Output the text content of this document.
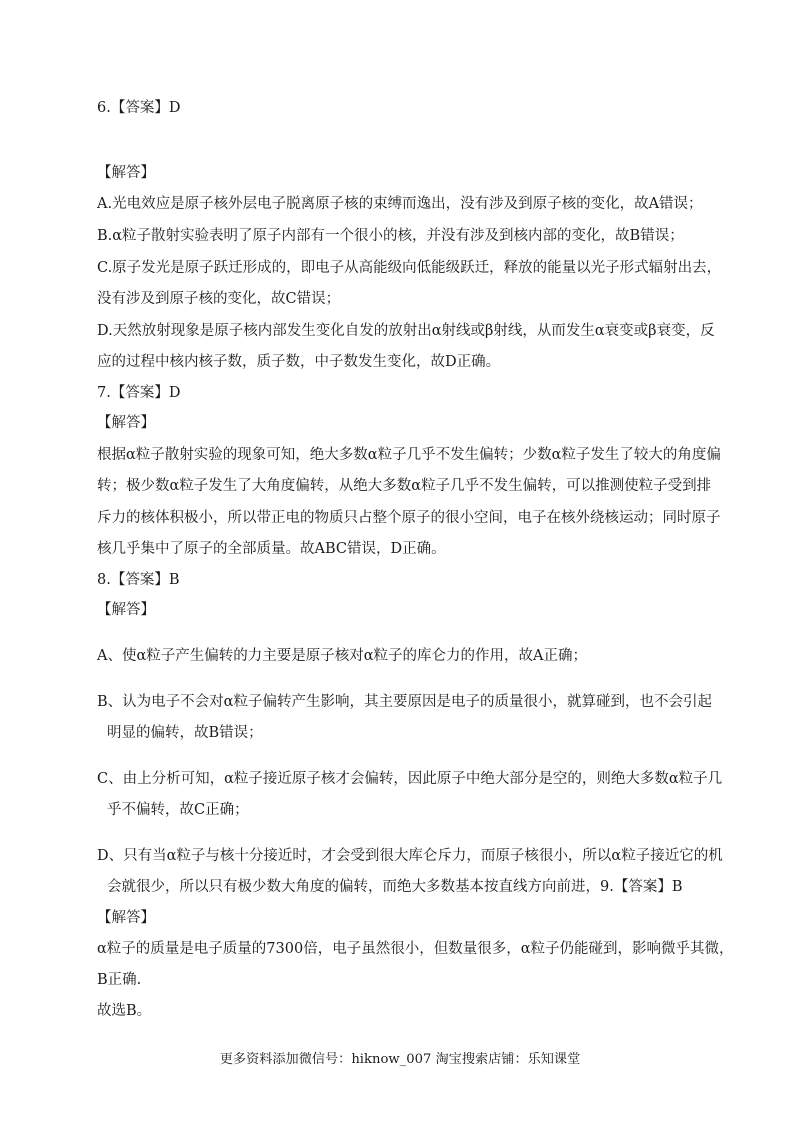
6.【答案】D
【解答】
A.光电效应是原子核外层电子脱离原子核的束缚而逸出，没有涉及到原子核的变化，故A错误；
B.α粒子散射实验表明了原子内部有一个很小的核，并没有涉及到核内部的变化，故B错误；
C.原子发光是原子跃迁形成的，即电子从高能级向低能级跃迁，释放的能量以光子形式辐射出去，
没有涉及到原子核的变化，故C错误；
D.天然放射现象是原子核内部发生变化自发的放射出α射线或β射线，从而发生α衰变或β衰变，反
应的过程中核内核子数，质子数，中子数发生变化，故D正确。
7.【答案】D
【解答】
根据α粒子散射实验的现象可知，绝大多数α粒子几乎不发生偏转；少数α粒子发生了较大的角度偏
转；极少数α粒子发生了大角度偏转，从绝大多数α粒子几乎不发生偏转，可以推测使粒子受到排
斥力的核体积极小，所以带正电的物质只占整个原子的很小空间，电子在核外绕核运动；同时原子
核几乎集中了原子的全部质量。故ABC错误，D正确。
8.【答案】B
【解答】
A、使α粒子产生偏转的力主要是原子核对α粒子的库仑力的作用，故A正确；
B、认为电子不会对α粒子偏转产生影响，其主要原因是电子的质量很小，就算碰到，也不会引起
明显的偏转，故B错误；
C、由上分析可知，α粒子接近原子核才会偏转，因此原子中绝大部分是空的，则绝大多数α粒子几
乎不偏转，故C正确；
D、只有当α粒子与核十分接近时，才会受到很大库仑斥力，而原子核很小，所以α粒子接近它的机
会就很少，所以只有极少数大角度的偏转，而绝大多数基本按直线方向前进，9.【答案】B
【解答】
α粒子的质量是电子质量的7300倍，电子虽然很小，但数量很多，α粒子仍能碰到，影响微乎其微，
B正确.
故选B。
更多资料添加微信号：hiknow_007 淘宝搜索店铺：乐知课堂
